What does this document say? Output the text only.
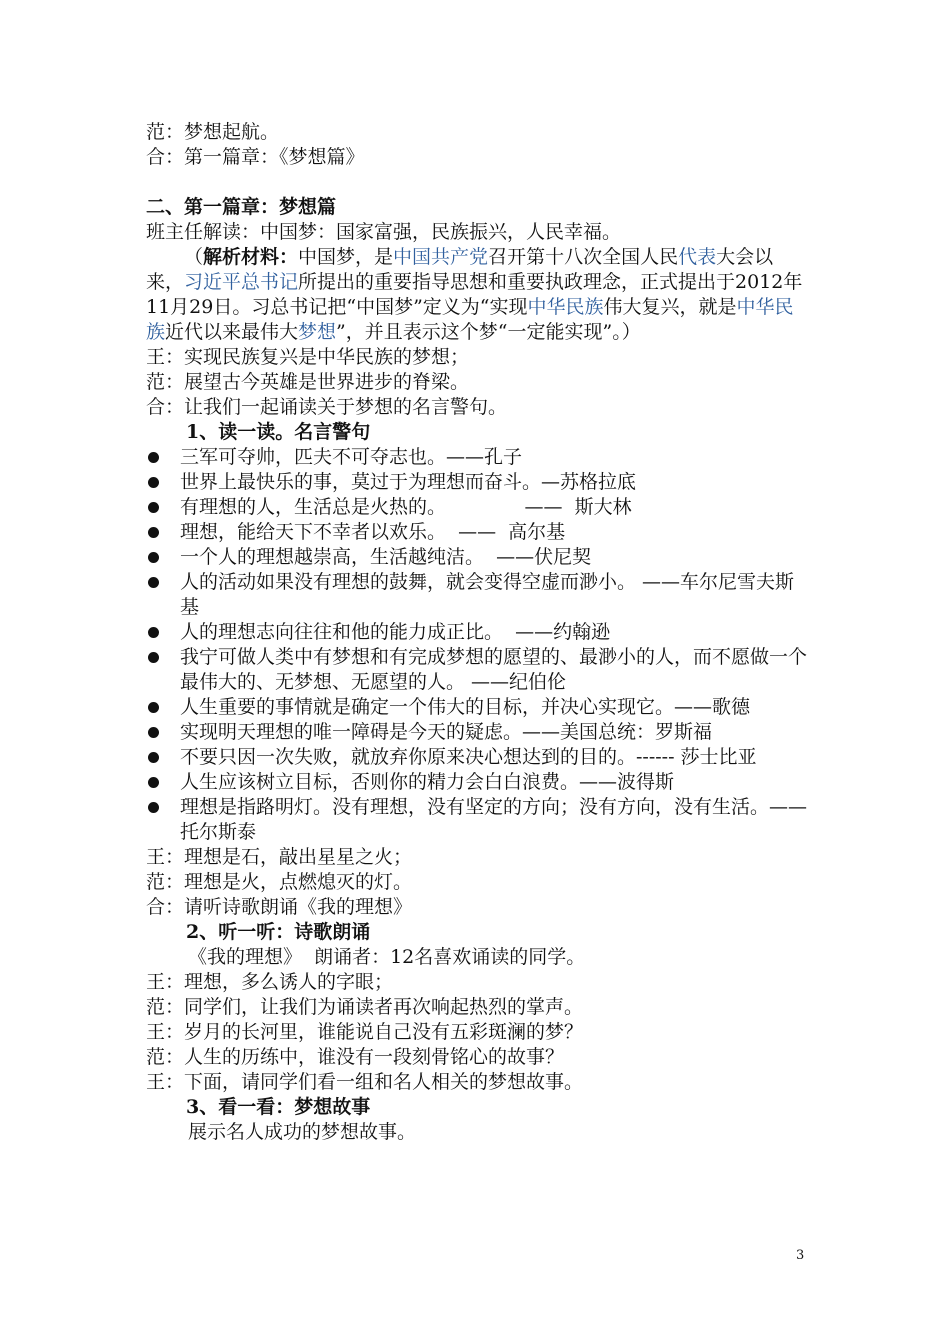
范：梦想起航。

合：第一篇章：《梦想篇》

二、第一篇章：梦想篇

班主任解读：中国梦：国家富强，民族振兴，人民幸福。

（解析材料：中国梦，是中国共产党召开第十八次全国人民代表大会以来，习近平总书记所提出的重要指导思想和重要执政理念，正式提出于2012年11月29日。习总书记把“中国梦”定义为“实现中华民族伟大复兴，就是中华民族近代以来最伟大梦想”，并且表示这个梦“一定能实现”。）

王：实现民族复兴是中华民族的梦想；

范：展望古今英雄是世界进步的脊梁。

合：让我们一起诵读关于梦想的名言警句。

1、读一读。名言警句

三军可夺帅，匹夫不可夺志也。——孔子
世界上最快乐的事，莫过于为理想而奋斗。—苏格拉底
有理想的人，生活总是火热的。             ——  斯大林
理想，能给天下不幸者以欢乐。  ——  高尔基
一个人的理想越崇高，生活越纯洁。  ——伏尼契
人的活动如果没有理想的鼓舞，就会变得空虚而渺小。 ——车尔尼雪夫斯基
人的理想志向往往和他的能力成正比。  ——约翰逊
我宁可做人类中有梦想和有完成梦想的愿望的、最渺小的人，而不愿做一个最伟大的、无梦想、无愿望的人。 ——纪伯伦
人生重要的事情就是确定一个伟大的目标，并决心实现它。——歌德
实现明天理想的唯一障碍是今天的疑虑。——美国总统：罗斯福
不要只因一次失败，就放弃你原来决心想达到的目的。------ 莎士比亚
人生应该树立目标，否则你的精力会白白浪费。——波得斯
理想是指路明灯。没有理想，没有坚定的方向；没有方向，没有生活。——托尔斯泰

王：理想是石，敲出星星之火；

范：理想是火，点燃熄灭的灯。

合：请听诗歌朗诵《我的理想》

2、听一听：诗歌朗诵

《我的理想》  朗诵者：12名喜欢诵读的同学。

王：理想，多么诱人的字眼；

范：同学们，让我们为诵读者再次响起热烈的掌声。

王：岁月的长河里，谁能说自己没有五彩斑澜的梦？

范：人生的历练中，谁没有一段刻骨铭心的故事？

王：下面，请同学们看一组和名人相关的梦想故事。

3、看一看：梦想故事

展示名人成功的梦想故事。

3
